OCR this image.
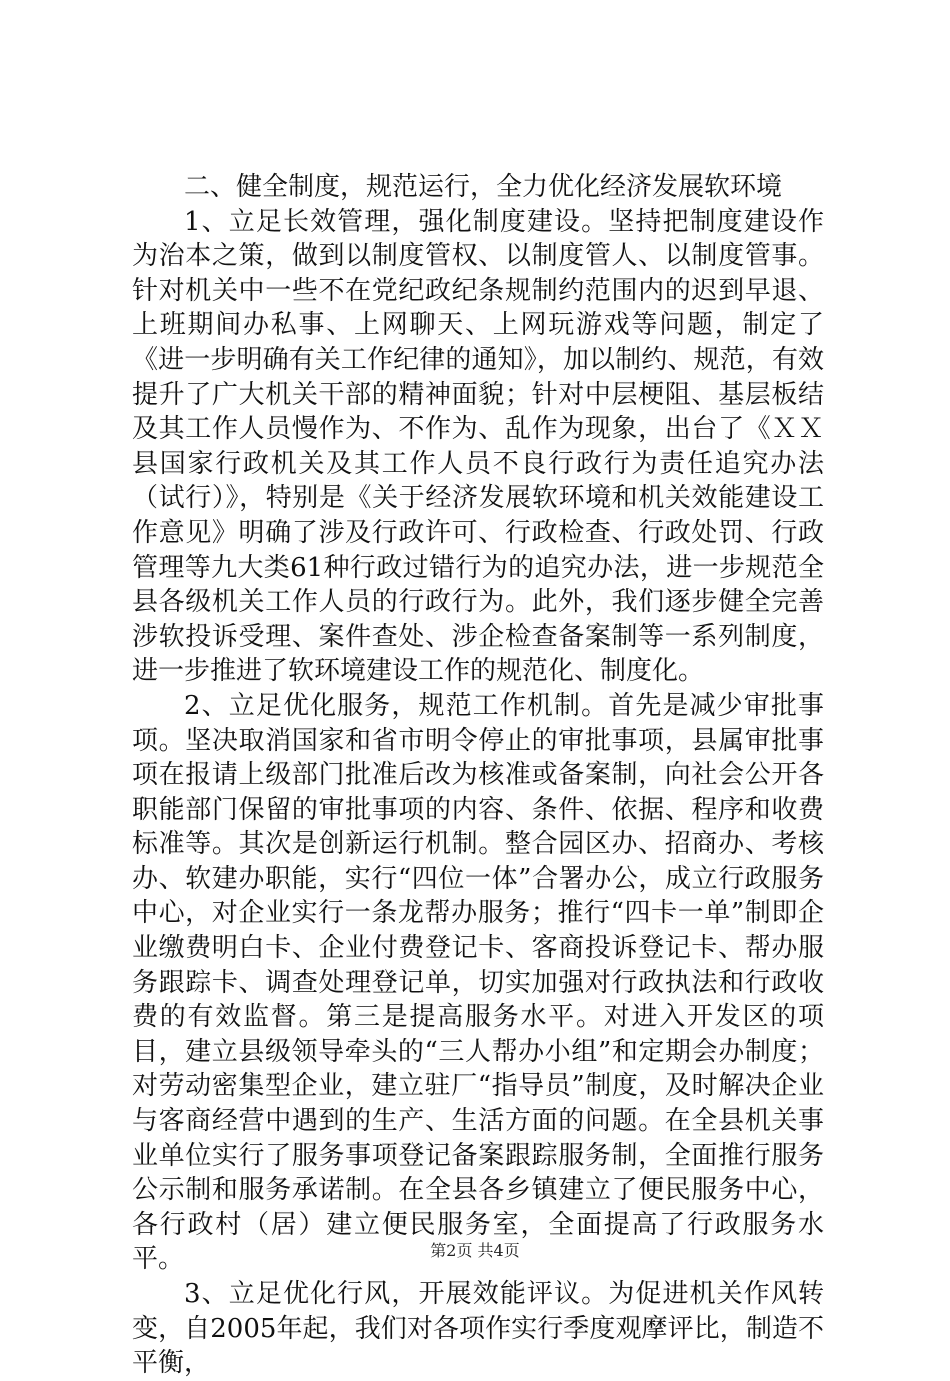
二、健全制度，规范运行，全力优化经济发展软环境

1、立足长效管理，强化制度建设。坚持把制度建设作为治本之策，做到以制度管权、以制度管人、以制度管事。针对机关中一些不在党纪政纪条规制约范围内的迟到早退、上班期间办私事、上网聊天、上网玩游戏等问题，制定了《进一步明确有关工作纪律的通知》，加以制约、规范，有效提升了广大机关干部的精神面貌；针对中层梗阻、基层板结及其工作人员慢作为、不作为、乱作为现象，出台了《ＸＸ县国家行政机关及其工作人员不良行政行为责任追究办法（试行）》，特别是《关于经济发展软环境和机关效能建设工作意见》明确了涉及行政许可、行政检查、行政处罚、行政管理等九大类61种行政过错行为的追究办法，进一步规范全县各级机关工作人员的行政行为。此外，我们逐步健全完善涉软投诉受理、案件查处、涉企检查备案制等一系列制度，进一步推进了软环境建设工作的规范化、制度化。

2、立足优化服务，规范工作机制。首先是减少审批事项。坚决取消国家和省市明令停止的审批事项，县属审批事项在报请上级部门批准后改为核准或备案制，向社会公开各职能部门保留的审批事项的内容、条件、依据、程序和收费标准等。其次是创新运行机制。整合园区办、招商办、考核办、软建办职能，实行“四位一体”合署办公，成立行政服务中心，对企业实行一条龙帮办服务；推行“四卡一单”制即企业缴费明白卡、企业付费登记卡、客商投诉登记卡、帮办服务跟踪卡、调查处理登记单，切实加强对行政执法和行政收费的有效监督。第三是提高服务水平。对进入开发区的项目，建立县级领导牵头的“三人帮办小组”和定期会办制度；对劳动密集型企业，建立驻厂“指导员”制度，及时解决企业与客商经营中遇到的生产、生活方面的问题。在全县机关事业单位实行了服务事项登记备案跟踪服务制，全面推行服务公示制和服务承诺制。在全县各乡镇建立了便民服务中心，各行政村（居）建立便民服务室，全面提高了行政服务水平。

3、立足优化行风，开展效能评议。为促进机关作风转变，自2005年起，我们对各项作实行季度观摩评比，制造不平衡，

第2页 共4页
